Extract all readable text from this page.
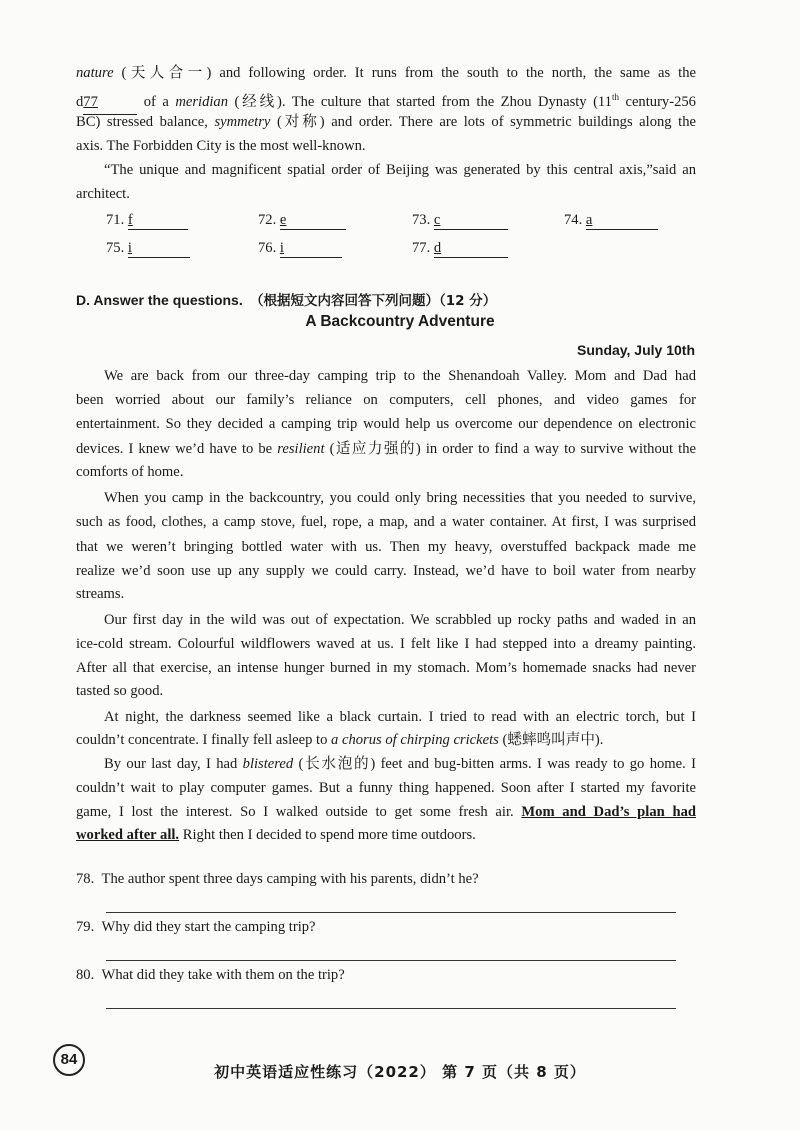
nature (天人合一) and following order. It runs from the south to the north, the same as the
d77	of a meridian (经线). The culture that started from the Zhou Dynasty (11th century-256
BC) stressed balance, symmetry (对称) and order. There are lots of symmetric buildings along the
axis. The Forbidden City is the most well-known.
“The unique and magnificent spatial order of Beijing was generated by this central axis,”said an
architect.
71. f	72. e	73. c	74. a
75. i	76. i	77. d
D. Answer the questions. （根据短文内容回答下列问题）（12 分）
A Backcountry Adventure
Sunday, July 10th
We are back from our three-day camping trip to the Shenandoah Valley. Mom and Dad had
been worried about our family’s reliance on computers, cell phones, and video games for
entertainment. So they decided a camping trip would help us overcome our dependence on electronic
devices. I knew we’d have to be resilient (适应力强的) in order to find a way to survive without the
comforts of home.
When you camp in the backcountry, you could only bring necessities that you needed to survive,
such as food, clothes, a camp stove, fuel, rope, a map, and a water container. At first, I was surprised
that we weren’t bringing bottled water with us. Then my heavy, overstuffed backpack made me
realize we’d soon use up any supply we could carry. Instead, we’d have to boil water from nearby
streams.
Our first day in the wild was out of expectation. We scrabbled up rocky paths and waded in an
ice-cold stream. Colourful wildflowers waved at us. I felt like I had stepped into a dreamy painting.
After all that exercise, an intense hunger burned in my stomach. Mom’s homemade snacks had never
tasted so good.
At night, the darkness seemed like a black curtain. I tried to read with an electric torch, but I
couldn’t concentrate. I finally fell asleep to a chorus of chirping crickets (蟋蟀鸣叫声中).
By our last day, I had blistered (长水泡的) feet and bug-bitten arms. I was ready to go home. I
couldn’t wait to play computer games. But a funny thing happened. Soon after I started my favorite
game, I lost the interest. So I walked outside to get some fresh air. Mom and Dad’s plan had
worked after all. Right then I decided to spend more time outdoors.
78. The author spent three days camping with his parents, didn’t he?
79. Why did they start the camping trip?
80. What did they take with them on the trip?
84
初中英语适应性练习（2022） 第 7 页（共 8 页）
